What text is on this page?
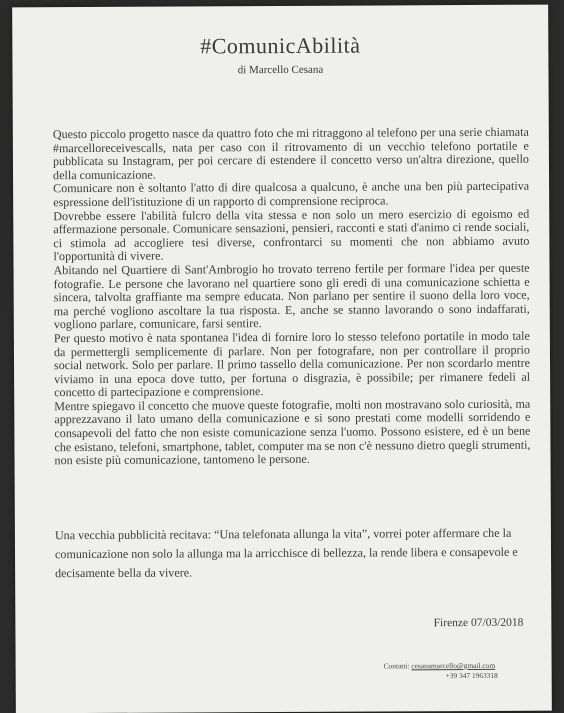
#ComunicAbilità
di Marcello Cesana

Questo piccolo progetto nasce da quattro foto che mi ritraggono al telefono per una serie chiamata #marcelloreceivescalls, nata per caso con il ritrovamento di un vecchio telefono portatile e pubblicata su Instagram, per poi cercare di estendere il concetto verso un'altra direzione, quello della comunicazione.

Comunicare non è soltanto l'atto di dire qualcosa a qualcuno, è anche una ben più partecipativa espressione dell'istituzione di un rapporto di comprensione reciproca.

Dovrebbe essere l'abilità fulcro della vita stessa e non solo un mero esercizio di egoismo ed affermazione personale. Comunicare sensazioni, pensieri, racconti e stati d'animo ci rende sociali, ci stimola ad accogliere tesi diverse, confrontarci su momenti che non abbiamo avuto l'opportunità di vivere.

Abitando nel Quartiere di Sant'Ambrogio ho trovato terreno fertile per formare l'idea per queste fotografie. Le persone che lavorano nel quartiere sono gli eredi di una comunicazione schietta e sincera, talvolta graffiante ma sempre educata. Non parlano per sentire il suono della loro voce, ma perché vogliono ascoltare la tua risposta. E, anche se stanno lavorando o sono indaffarati, vogliono parlare, comunicare, farsi sentire.

Per questo motivo è nata spontanea l'idea di fornire loro lo stesso telefono portatile in modo tale da permettergli semplicemente di parlare. Non per fotografare, non per controllare il proprio social network. Solo per parlare. Il primo tassello della comunicazione. Per non scordarlo mentre viviamo in una epoca dove tutto, per fortuna o disgrazia, è possibile; per rimanere fedeli al concetto di partecipazione e comprensione.

Mentre spiegavo il concetto che muove queste fotografie, molti non mostravano solo curiosità, ma apprezzavano il lato umano della comunicazione e si sono prestati come modelli sorridendo e consapevoli del fatto che non esiste comunicazione senza l'uomo. Possono esistere, ed è un bene che esistano, telefoni, smartphone, tablet, computer ma se non c'è nessuno dietro quegli strumenti, non esiste più comunicazione, tantomeno le persone.

Una vecchia pubblicità recitava: “Una telefonata allunga la vita”, vorrei poter affermare che la comunicazione non solo la allunga ma la arricchisce di bellezza, la rende libera e consapevole e decisamente bella da vivere.

Firenze 07/03/2018
Contatti: cesanamarcello@gmail.com
+39 347 1963318
